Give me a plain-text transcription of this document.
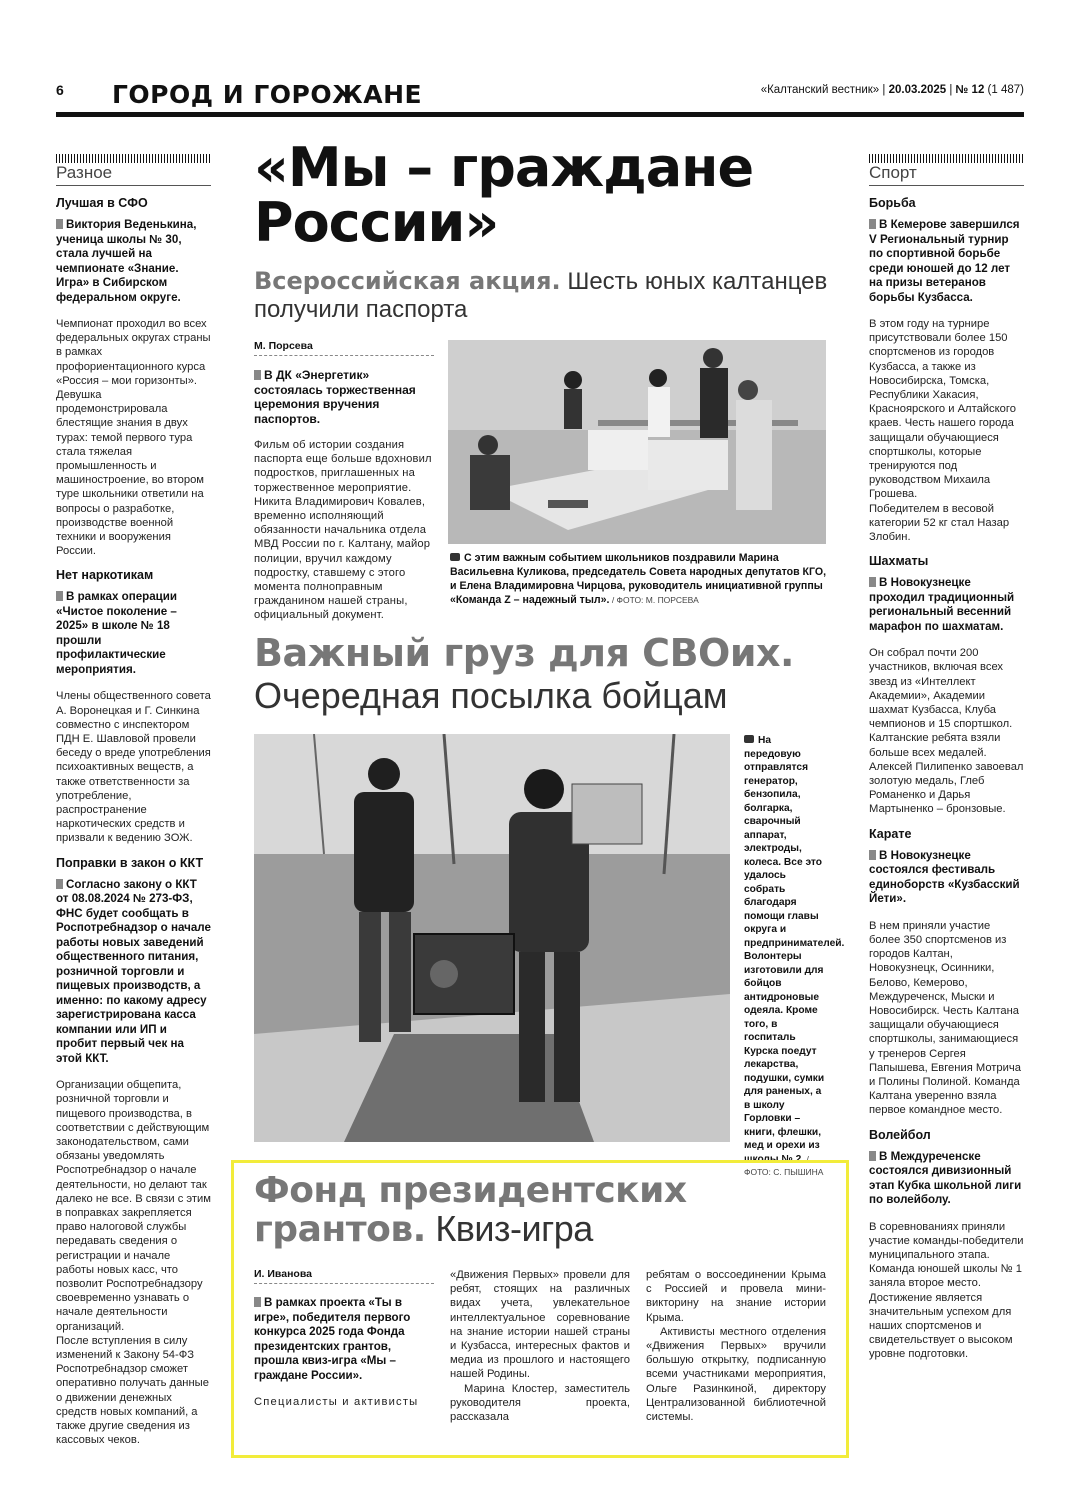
6 ГОРОД И ГОРОЖАНЕ	«Калтанский вестник» | 20.03.2025 | № 12 (1 487)
Разное
Лучшая в СФО

Виктория Веденькина, ученица школы № 30, стала лучшей на чемпионате «Знание. Игра» в Сибирском федеральном округе.

Чемпионат проходил во всех федеральных округах страны в рамках профориентационного курса «Россия – мои горизонты». Девушка продемонстрировала блестящие знания в двух турах: темой первого тура стала тяжелая промышленность и машиностроение, во втором туре школьники ответили на вопросы о разработке, производстве военной техники и вооружения России.

Нет наркотикам

В рамках операции «Чистое поколение – 2025» в школе № 18 прошли профилактические мероприятия.

Члены общественного совета А. Воронецкая и Г. Синкина совместно с инспектором ПДН Е. Шавловой провели беседу о вреде употребления психоактивных веществ, а также ответственности за употребление, распространение наркотических средств и призвали к ведению ЗОЖ.

Поправки в закон о ККТ

Согласно закону о ККТ от 08.08.2024 № 273-ФЗ, ФНС будет сообщать в Роспотребнадзор о начале работы новых заведений общественного питания, розничной торговли и пищевых производств, а именно: по какому адресу зарегистрирована касса компании или ИП и пробит первый чек на этой ККТ.

Организации общепита, розничной торговли и пищевого производства, в соответствии с действующим законодательством, сами обязаны уведомлять Роспотребнадзор о начале деятельности, но делают так далеко не все. В связи с этим в поправках закрепляется право налоговой службы передавать сведения о регистрации и начале работы новых касс, что позволит Роспотребнадзору своевременно узнавать о начале деятельности организаций.

После вступления в силу изменений к Закону 54-ФЗ Роспотребнадзор сможет оперативно получать данные о движении денежных средств новых компаний, а также другие сведения из кассовых чеков.

«Мы – граждане России»
Всероссийская акция. Шесть юных калтанцев получили паспорта
М. Порсева

В ДК «Энергетик» состоялась торжественная церемония вручения паспортов.

Фильм об истории создания паспорта еще больше вдохновил подростков, приглашенных на торжественное мероприятие. Никита Владимирович Ковалев, временно исполняющий обязанности начальника отдела МВД России по г. Калтану, майор полиции, вручил каждому подростку, ставшему с этого момента полноправным гражданином нашей страны, официальный документ.

С этим важным событием школьников поздравили Марина Васильевна Куликова, председатель Совета народных депутатов КГО, и Елена Владимировна Чирцова, руководитель инициативной группы «Команда Z – надежный тыл». / ФОТО: М. ПОРСЕВА
Важный груз для СВОих.
Очередная посылка бойцам
На передовую отправлятся генератор, бензопила, болгарка, сварочный аппарат, электроды, колеса. Все это удалось собрать благодаря помощи главы округа и предпринимателей. Волонтеры изготовили для бойцов антидроновые одеяла. Кроме того, в госпиталь Курска поедут лекарства, подушки, сумки для раненых, а в школу Горловки – книги, флешки, мед и орехи из школы № 2. / ФОТО: С. ПЫШИНА
Фонд президентских грантов. Квиз-игра
И. Иванова

В рамках проекта «Ты в игре», победителя первого конкурса 2025 года Фонда президентских грантов, прошла квиз-игра «Мы – граждане России».

Специалисты и активисты

«Движения Первых» провели для ребят, стоящих на различных видах учета, увлекательное интеллектуальное соревнование на знание истории нашей страны и Кузбасса, интересных фактов и медиа из прошлого и настоящего нашей Родины.

Марина Клостер, заместитель руководителя проекта, рассказала

ребятам о воссоединении Крыма с Россией и провела мини-викторину на знание истории Крыма.

Активисты местного отделения «Движения Первых» вручили большую открытку, подписанную всеми участниками мероприятия, Ольге Разинкиной, директору Централизованной библиотечной системы.

Спорт
Борьба

В Кемерове завершился V Региональный турнир по спортивной борьбе среди юношей до 12 лет на призы ветеранов борьбы Кузбасса.

В этом году на турнире присутствовали более 150 спортсменов из городов Кузбасса, а также из Новосибирска, Томска, Республики Хакасия, Красноярского и Алтайского краев. Честь нашего города защищали обучающиеся спортшколы, которые тренируются под руководством Михаила Грошева.

Победителем в весовой категории 52 кг стал Назар Злобин.

Шахматы

В Новокузнецке проходил традиционный региональный весенний марафон по шахматам.

Он собрал почти 200 участников, включая всех звезд из «Интеллект Академии», Академии шахмат Кузбасса, Клуба чемпионов и 15 спортшкол. Калтанские ребята взяли больше всех медалей. Алексей Пилипенко завоевал золотую медаль, Глеб Романенко и Дарья Мартыненко – бронзовые.

Карате

В Новокузнецке состоялся фестиваль единоборств «Кузбасский Йети».

В нем приняли участие более 350 спортсменов из городов Калтан, Новокузнецк, Осинники, Белово, Кемерово, Междуреченск, Мыски и Новосибирск. Честь Калтана защищали обучающиеся спортшколы, занимающиеся у тренеров Сергея Папышева, Евгения Мотрича и Полины Полиной. Команда Калтана уверенно взяла первое командное место.

Волейбол

В Междуреченске состоялся дивизионный этап Кубка школьной лиги по волейболу.

В соревнованиях приняли участие команды-победители муниципального этапа. Команда юношей школы № 1 заняла второе место. Достижение является значительным успехом для наших спортсменов и свидетельствует о высоком уровне подготовки.
